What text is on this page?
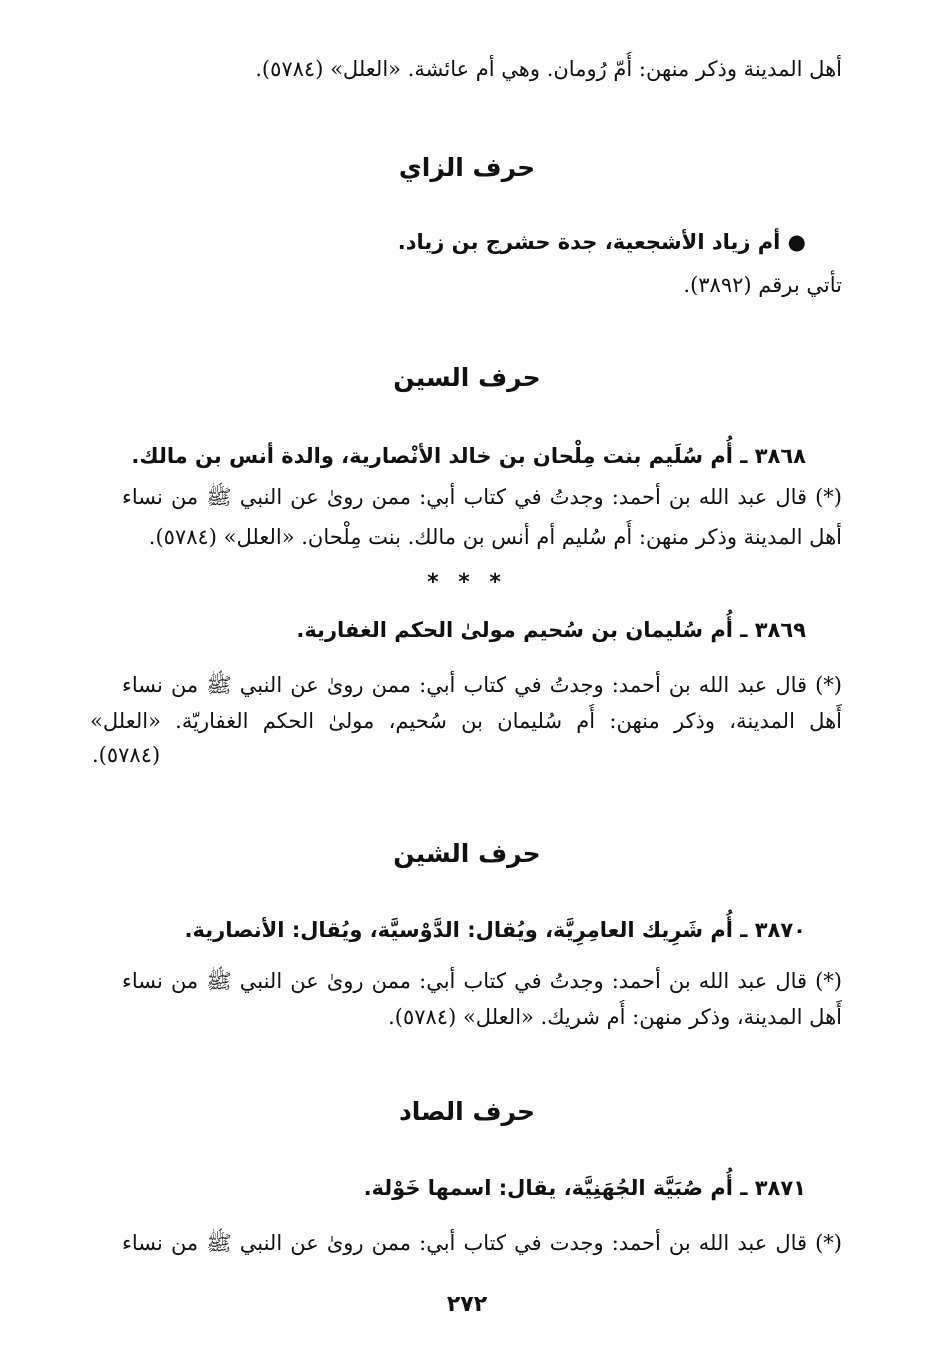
أهل المدينة وذكر منهن: أُمّ رُومان. وهي أم عائشة. «العلل» (٥٧٨٤).
حرف الزاي
● أم زياد الأشجعية، جدة حشرج بن زياد.
تأتي برقم (٣٨٩٢).
حرف السين
٣٨٦٨ ـ أُم سُلَيم بنت مِلْحان بن خالد الأنْصارية، والدة أنس بن مالك.
(*) قال عبد الله بن أحمد: وجدتُ في كتاب أبي: ممن روىٰ عن النبي ﷺ من نساء
أهل المدينة وذكر منهن: أُم سُليم أم أنس بن مالك. بنت مِلْحان. «العلل» (٥٧٨٤).
* * *
٣٨٦٩ ـ أُم سُليمان بن سُحيم مولىٰ الحكم الغفارية.
(*) قال عبد الله بن أحمد: وجدتُ في كتاب أبي: ممن روىٰ عن النبي ﷺ من نساء
أَهل المدينة، وذكر منهن: أُم سُليمان بن سُحيم، مولىٰ الحكم الغفاريّة. «العلل»
(٥٧٨٤).
حرف الشين
٣٨٧٠ ـ أُم شَرِيك العامِرِيَّة، ويُقال: الدَّوْسيَّة، ويُقال: الأنصارية.
(*) قال عبد الله بن أحمد: وجدتُ في كتاب أبي: ممن روىٰ عن النبي ﷺ من نساء
أَهل المدينة، وذكر منهن: أُم شريك. «العلل» (٥٧٨٤).
حرف الصاد
٣٨٧١ ـ أُم صُبَيَّة الجُهَنِيَّة، يقال: اسمها خَوْلة.
(*) قال عبد الله بن أحمد: وجدت في كتاب أبي: ممن روىٰ عن النبي ﷺ من نساء
٢٧٢
